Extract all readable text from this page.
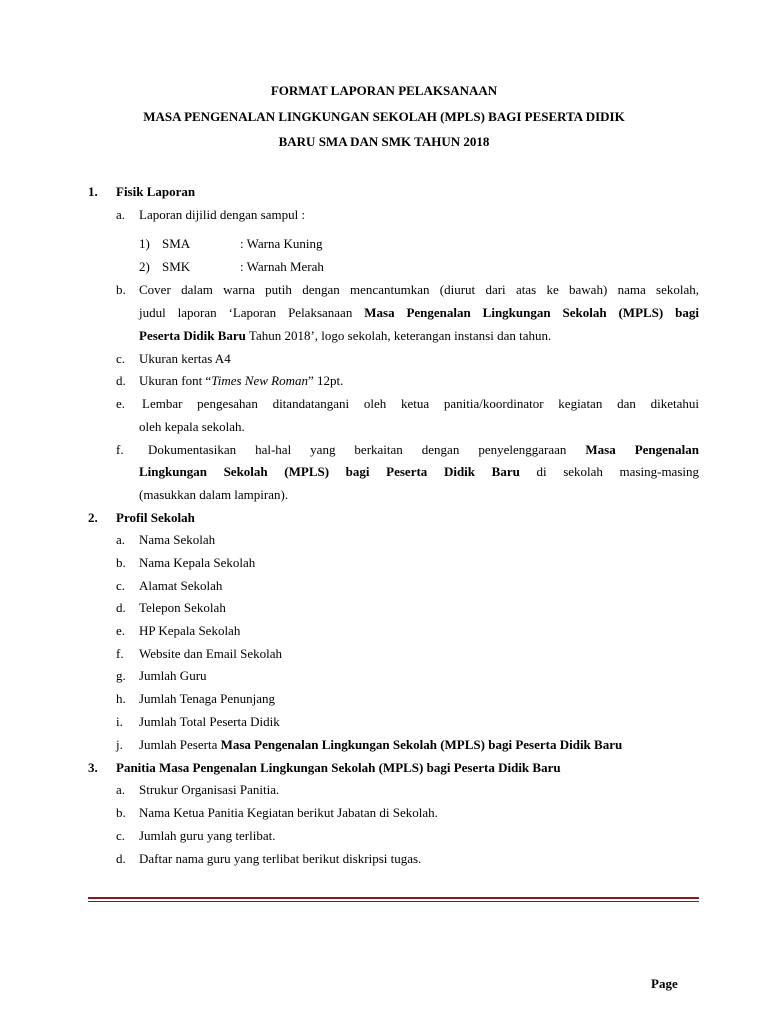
FORMAT LAPORAN PELAKSANAAN
MASA PENGENALAN LINGKUNGAN SEKOLAH (MPLS) BAGI PESERTA DIDIK
BARU SMA DAN SMK TAHUN 2018
1. Fisik Laporan
a. Laporan dijilid dengan sampul :
1) SMA	: Warna Kuning
2) SMK	: Warnah Merah
b. Cover dalam warna putih dengan mencantumkan (diurut dari atas ke bawah) nama sekolah,
judul laporan ‘Laporan Pelaksanaan Masa Pengenalan Lingkungan Sekolah (MPLS) bagi
Peserta Didik Baru Tahun 2018’, logo sekolah, keterangan instansi dan tahun.
c. Ukuran kertas A4
d. Ukuran font “Times New Roman” 12pt.
e. Lembar pengesahan ditandatangani oleh ketua panitia/koordinator kegiatan dan diketahui
oleh kepala sekolah.
f. Dokumentasikan hal-hal yang berkaitan dengan penyelenggaraan Masa Pengenalan
Lingkungan Sekolah (MPLS) bagi Peserta Didik Baru di sekolah masing-masing
(masukkan dalam lampiran).
2. Profil Sekolah
a. Nama Sekolah
b. Nama Kepala Sekolah
c. Alamat Sekolah
d. Telepon Sekolah
e. HP Kepala Sekolah
f. Website dan Email Sekolah
g. Jumlah Guru
h. Jumlah Tenaga Penunjang
i. Jumlah Total Peserta Didik
j. Jumlah Peserta Masa Pengenalan Lingkungan Sekolah (MPLS) bagi Peserta Didik Baru
3. Panitia Masa Pengenalan Lingkungan Sekolah (MPLS) bagi Peserta Didik Baru
a. Strukur Organisasi Panitia.
b. Nama Ketua Panitia Kegiatan berikut Jabatan di Sekolah.
c. Jumlah guru yang terlibat.
d. Daftar nama guru yang terlibat berikut diskripsi tugas.
Page
